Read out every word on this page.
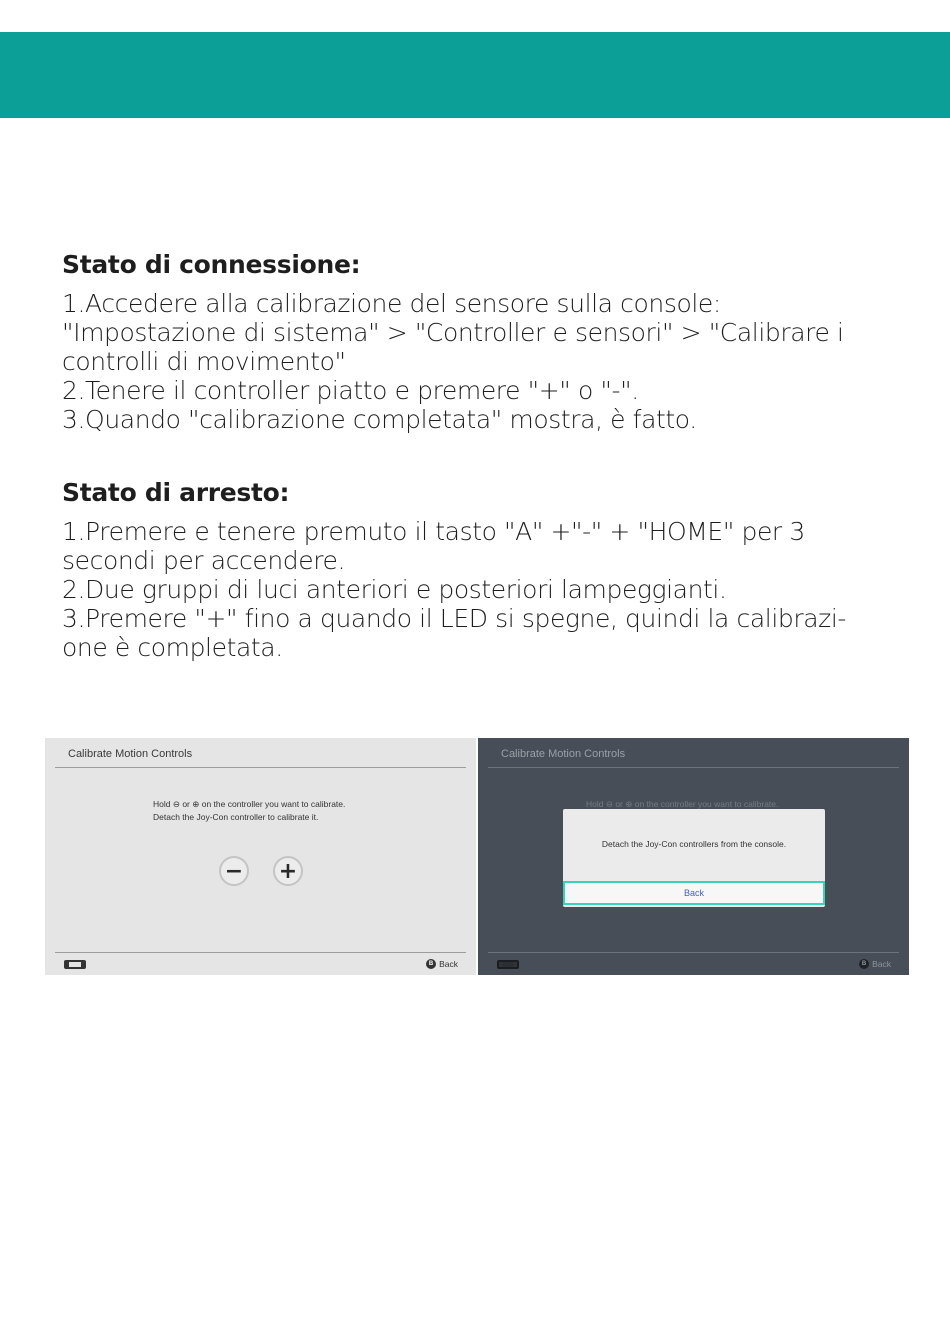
Stato di connessione:
1.Accedere alla calibrazione del sensore sulla console:
"Impostazione di sistema" > "Controller e sensori" > "Calibrare i
controlli di movimento"
2.Tenere il controller piatto e premere "+" o "-".
3.Quando "calibrazione completata" mostra, è fatto.
Stato di arresto:
1.Premere e tenere premuto il tasto "A" +"-" + "HOME" per 3
secondi per accendere.
2.Due gruppi di luci anteriori e posteriori lampeggianti.
3.Premere "+" fino a quando il LED si spegne, quindi la calibrazi-
one è completata.
Calibrate Motion Controls
Hold ⊖ or ⊕ on the controller you want to calibrate.
Detach the Joy-Con controller to calibrate it.
− +
B Back
Calibrate Motion Controls
Hold ⊖ or ⊕ on the controller you want to calibrate.
Detach the Joy-Con controllers from the console.
Back
B Back
